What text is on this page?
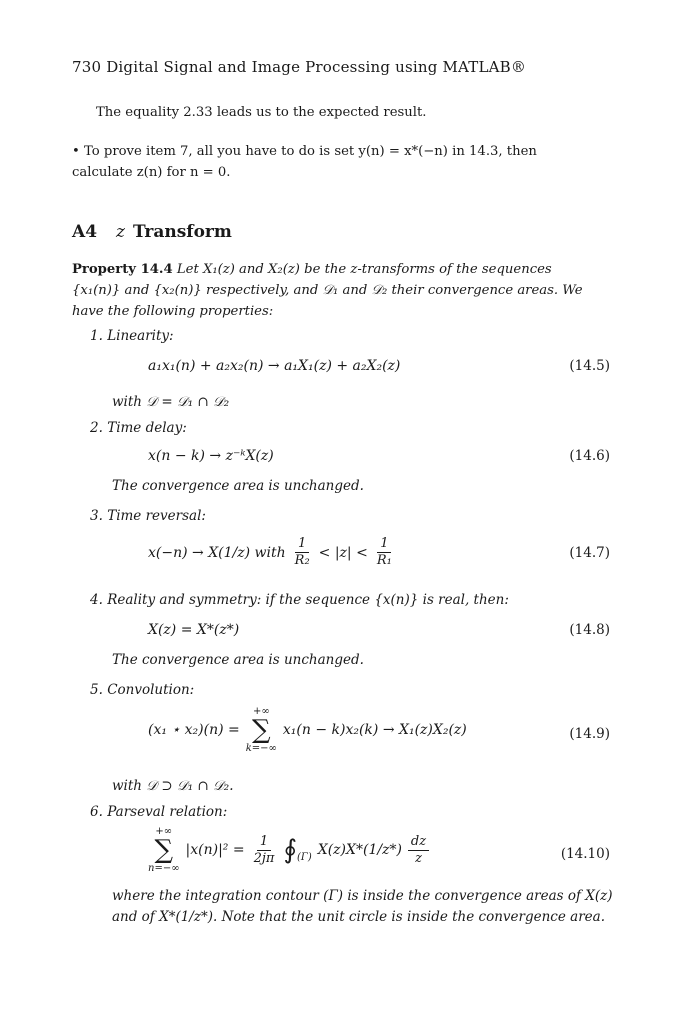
730 Digital Signal and Image Processing using MATLAB®
The equality 2.33 leads us to the expected result.
• To prove item 7, all you have to do is set y(n) = x*(−n) in 14.3, then
calculate z(n) for n = 0.
A4 z Transform
Property 14.4 Let X₁(z) and X₂(z) be the z-transforms of the sequences
{x₁(n)} and {x₂(n)} respectively, and 𝒟₁ and 𝒟₂ their convergence areas. We
have the following properties:
1. Linearity:
a₁x₁(n) + a₂x₂(n) → a₁X₁(z) + a₂X₂(z)	(14.5)
with 𝒟 = 𝒟₁ ∩ 𝒟₂
2. Time delay:
x(n − k) → z⁻ᵏX(z)	(14.6)
The convergence area is unchanged.
3. Time reversal:
x(−n) → X(1/z) with $\frac{1}{\text{R₂}} < |z| < \frac{1}{\text{R₁}}$	(14.7)
4. Reality and symmetry: if the sequence {x(n)} is real, then:
X(z) = X*(z*)	(14.8)
The convergence area is unchanged.
5. Convolution:
(x₁ ⋆ x₂)(n) =
+∞
∑
k=−∞
x₁(n − k)x₂(k) → X₁(z)X₂(z)	(14.9)
with 𝒟 ⊃ 𝒟₁ ∩ 𝒟₂.
6. Parseval relation:
+∞
∑
n=−∞
$|x(n)|^2 = \frac{1}{2j\pi}$ ∮ (Γ) $X(z)X*(1/z*) \frac{dz}{z}$	(14.10)
where the integration contour (Γ) is inside the convergence areas of X(z)
and of X*(1/z*). Note that the unit circle is inside the convergence area.
